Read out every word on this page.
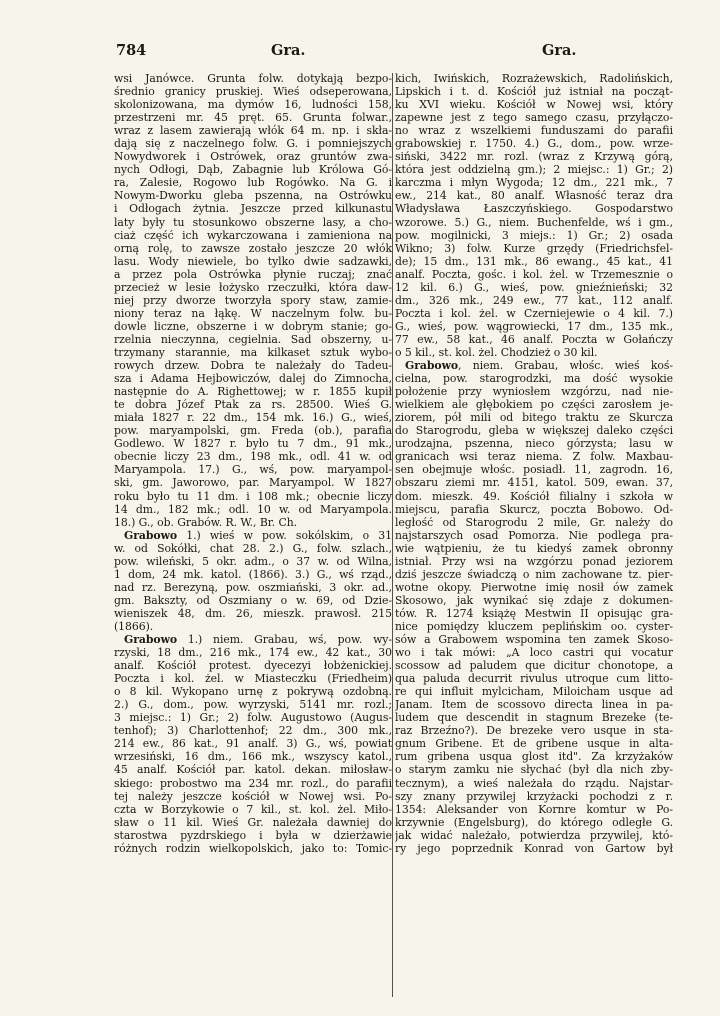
784	Gra.	Gra.
wsi Janówce. Grunta folw. dotykają bezpo-
średnio granicy pruskiej. Wieś odseperowana,
skolonizowana, ma dymów 16, ludności 158,
przestrzeni mr. 45 pręt. 65. Grunta folwar.,
wraz z lasem zawierają włók 64 m. np. i skła-
dają się z naczelnego folw. G. i pomniejszych
Nowydworek i Ostrówek, oraz gruntów zwa-
nych Odłogi, Dąb, Zabagnie lub Królowa Gó-
ra, Zalesie, Rogowo lub Rogówko. Na G. i
Nowym-Dworku gleba pszenna, na Ostrówku
i Odłogach żytnia. Jeszcze przed kilkunastu
laty były tu stosunkowo obszerne lasy, a cho-
ciaż część ich wykarczowana i zamieniona na
orną rolę, to zawsze zostało jeszcze 20 włók
lasu. Wody niewiele, bo tylko dwie sadzawki,
a przez pola Ostrówka płynie ruczaj; znać
przecież w lesie łożysko rzeczułki, która daw-
niej przy dworze tworzyła spory staw, zamie-
niony teraz na łąkę. W naczelnym folw. bu-
dowle liczne, obszerne i w dobrym stanie; go-
rzelnia nieczynna, cegielnia. Sad obszerny, u-
trzymany starannie, ma kilkaset sztuk wybo-
rowych drzew. Dobra te należały do Tadeu-
sza i Adama Hejbowiczów, dalej do Zimnocha,
następnie do A. Righettowej; w r. 1855 kupił
te dobra Józef Ptak za rs. 28500. Wieś G.
miała 1827 r. 22 dm., 154 mk. 16.) G., wieś,
pow. maryampolski, gm. Freda (ob.), parafia
Godlewo. W 1827 r. było tu 7 dm., 91 mk.,
obecnie liczy 23 dm., 198 mk., odl. 41 w. od
Maryampola. 17.) G., wś, pow. maryampol-
ski, gm. Jaworowo, par. Maryampol. W 1827
roku było tu 11 dm. i 108 mk.; obecnie liczy
14 dm., 182 mk.; odl. 10 w. od Maryampola.
18.) G., ob. Grabów. R. W., Br. Ch.
Grabowo 1.) wieś w pow. sokólskim, o 31
w. od Sokółki, chat 28. 2.) G., folw. szlach.,
pow. wileński, 5 okr. adm., o 37 w. od Wilna,
1 dom, 24 mk. katol. (1866). 3.) G., wś rząd.,
nad rz. Berezyną, pow. oszmiański, 3 okr. ad.,
gm. Bakszty, od Oszmiany o w. 69, od Dzie-
wieniszek 48, dm. 26, mieszk. prawosł. 215
(1866).
Grabowo 1.) niem. Grabau, wś, pow. wy-
rzyski, 18 dm., 216 mk., 174 ew., 42 kat., 30
analf. Kościół protest. dyecezyi łobżenickiej.
Poczta i kol. żel. w Miasteczku (Friedheim)
o 8 kil. Wykopano urnę z pokrywą ozdobną.
2.) G., dom., pow. wyrzyski, 5141 mr. rozl.;
3 miejsc.: 1) Gr.; 2) folw. Augustowo (Augus-
tenhof); 3) Charlottenhof; 22 dm., 300 mk.,
214 ew., 86 kat., 91 analf. 3) G., wś, powiat
wrzesiński, 16 dm., 166 mk., wszyscy katol.,
45 analf. Kościół par. katol. dekan. miłosław-
skiego: probostwo ma 234 mr. rozl., do parafii
tej należy jeszcze kościół w Nowej wsi. Po-
czta w Borzykowie o 7 kil., st. kol. żel. Miło-
sław o 11 kil. Wieś Gr. należała dawniej do
starostwa pyzdrskiego i była w dzierżawie
różnych rodzin wielkopolskich, jako to: Tomic-
kich, Iwińskich, Rozrażewskich, Radolińskich,
Lipskich i t. d. Kościół już istniał na począt-
ku XVI wieku. Kościół w Nowej wsi, który
zapewne jest z tego samego czasu, przyłączo-
no wraz z wszelkiemi funduszami do parafii
grabowskiej r. 1750. 4.) G., dom., pow. wrze-
siński, 3422 mr. rozl. (wraz z Krzywą górą,
która jest oddzielną gm.); 2 miejsc.: 1) Gr.; 2)
karczma i młyn Wygoda; 12 dm., 221 mk., 7
ew., 214 kat., 80 analf. Własność teraz dra
Władysława Łaszczyńskiego. Gospodarstwo
wzorowe. 5.) G., niem. Buchenfelde, wś i gm.,
pow. mogilnicki, 3 miejs.: 1) Gr.; 2) osada
Wikno; 3) folw. Kurze grzędy (Friedrichsfel-
de); 15 dm., 131 mk., 86 ewang., 45 kat., 41
analf. Poczta, gośc. i kol. żel. w Trzemesznie o
12 kil. 6.) G., wieś, pow. gnieźnieński; 32
dm., 326 mk., 249 ew., 77 kat., 112 analf.
Poczta i kol. żel. w Czerniejewie o 4 kil. 7.)
G., wieś, pow. wągrowiecki, 17 dm., 135 mk.,
77 ew., 58 kat., 46 analf. Poczta w Gołańczy
o 5 kil., st. kol. żel. Chodzież o 30 kil.
Grabowo, niem. Grabau, włośc. wieś koś-
cielna, pow. starogrodzki, ma dość wysokie
położenie przy wyniosłem wzgórzu, nad nie-
wielkiem ale głębokiem po części zarosłem je-
ziorem, pół mili od bitego traktu ze Skurcza
do Starogrodu, gleba w większej daleko części
urodzajna, pszenna, nieco górzysta; lasu w
granicach wsi teraz niema. Z folw. Maxbau-
sen obejmuje włośc. posiadł. 11, zagrodn. 16,
obszaru ziemi mr. 4151, katol. 509, ewan. 37,
dom. mieszk. 49. Kościół filialny i szkoła w
miejscu, parafia Skurcz, poczta Bobowo. Od-
ległość od Starogrodu 2 mile, Gr. należy do
najstarszych osad Pomorza. Nie podlega pra-
wie wątpieniu, że tu kiedyś zamek obronny
istniał. Przy wsi na wzgórzu ponad jeziorem
dziś jeszcze świadczą o nim zachowane tz. pier-
wotne okopy. Pierwotne imię nosił ów zamek
Skosowo, jak wynikać się zdaje z dokumen-
tów. R. 1274 książę Mestwin II opisując gra-
nice pomiędzy kluczem peplińskim oo. cyster-
sów a Grabowem wspomina ten zamek Skoso-
wo i tak mówi: „A loco castri qui vocatur
scossow ad paludem que dicitur chonotope, a
qua paluda decurrit rivulus utroque cum litto-
re qui influit mylcicham, Miloicham usque ad
Janam. Item de scossovo directa linea in pa-
ludem que descendit in stagnum Brezeke (te-
raz Brzeźno?). De brezeke vero usque in sta-
gnum Gribene. Et de gribene usque in alta-
rum gribena usqua glost itd". Za krzyżaków
o starym zamku nie słychać (był dla nich zby-
tecznym), a wieś należała do rządu. Najstar-
szy znany przywilej krzyżacki pochodzi z r.
1354: Aleksander von Kornre komtur w Po-
krzywnie (Engelsburg), do którego odległe G.
jak widać należało, potwierdza przywilej, któ-
ry jego poprzednik Konrad von Gartow był
